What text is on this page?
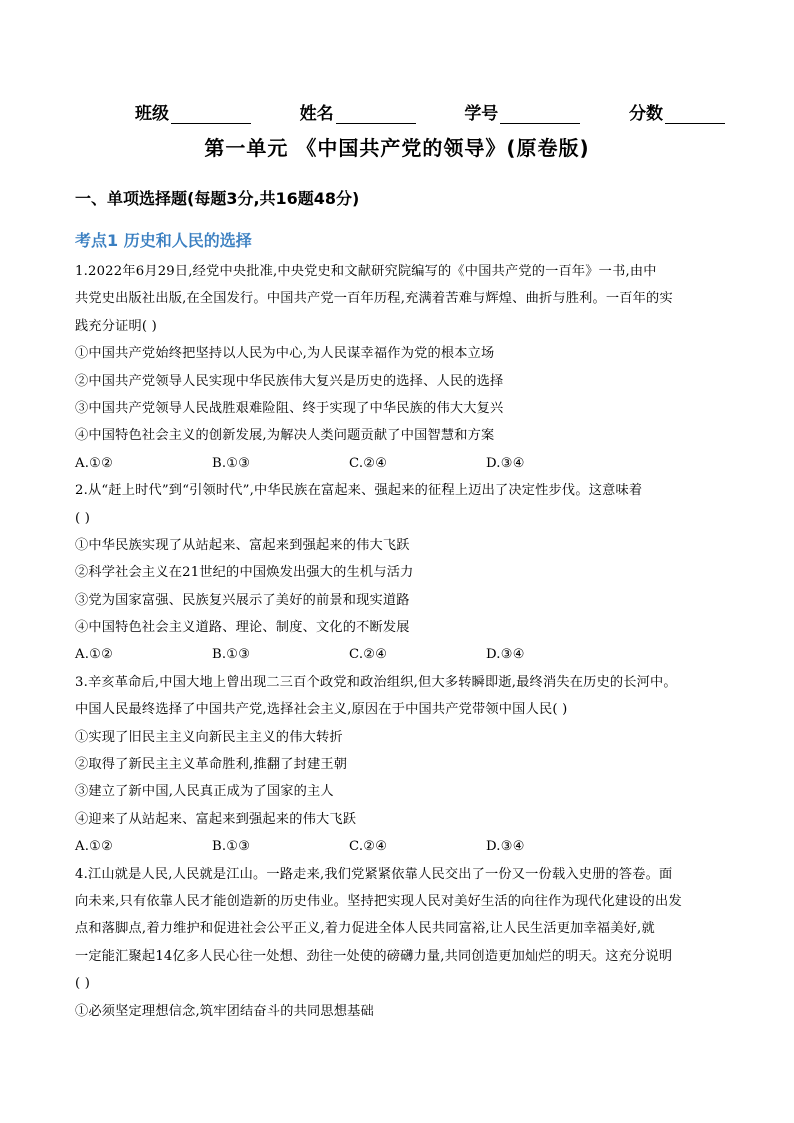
班级	姓名	学号	分数
第一单元 《中国共产党的领导》(原卷版)
一、单项选择题(每题3分,共16题48分)
考点1 历史和人民的选择
1.2022年6月29日,经党中央批准,中央党史和文献研究院编写的《中国共产党的一百年》一书,由中
共党史出版社出版,在全国发行。中国共产党一百年历程,充满着苦难与辉煌、曲折与胜利。一百年的实
践充分证明( )
①中国共产党始终把坚持以人民为中心,为人民谋幸福作为党的根本立场
②中国共产党领导人民实现中华民族伟大复兴是历史的选择、人民的选择
③中国共产党领导人民战胜艰难险阻、终于实现了中华民族的伟大大复兴
④中国特色社会主义的创新发展,为解决人类问题贡献了中国智慧和方案
A.①②	B.①③	C.②④	D.③④
2.从“赶上时代”到“引领时代”,中华民族在富起来、强起来的征程上迈出了决定性步伐。这意味着
( )
①中华民族实现了从站起来、富起来到强起来的伟大飞跃
②科学社会主义在21世纪的中国焕发出强大的生机与活力
③党为国家富强、民族复兴展示了美好的前景和现实道路
④中国特色社会主义道路、理论、制度、文化的不断发展
A.①②	B.①③	C.②④	D.③④
3.辛亥革命后,中国大地上曾出现二三百个政党和政治组织,但大多转瞬即逝,最终消失在历史的长河中。
中国人民最终选择了中国共产党,选择社会主义,原因在于中国共产党带领中国人民( )
①实现了旧民主主义向新民主主义的伟大转折
②取得了新民主主义革命胜利,推翻了封建王朝
③建立了新中国,人民真正成为了国家的主人
④迎来了从站起来、富起来到强起来的伟大飞跃
A.①②	B.①③	C.②④	D.③④
4.江山就是人民,人民就是江山。一路走来,我们党紧紧依靠人民交出了一份又一份载入史册的答卷。面
向未来,只有依靠人民才能创造新的历史伟业。坚持把实现人民对美好生活的向往作为现代化建设的出发
点和落脚点,着力维护和促进社会公平正义,着力促进全体人民共同富裕,让人民生活更加幸福美好,就
一定能汇聚起14亿多人民心往一处想、劲往一处使的磅礴力量,共同创造更加灿烂的明天。这充分说明
( )
①必须坚定理想信念,筑牢团结奋斗的共同思想基础
